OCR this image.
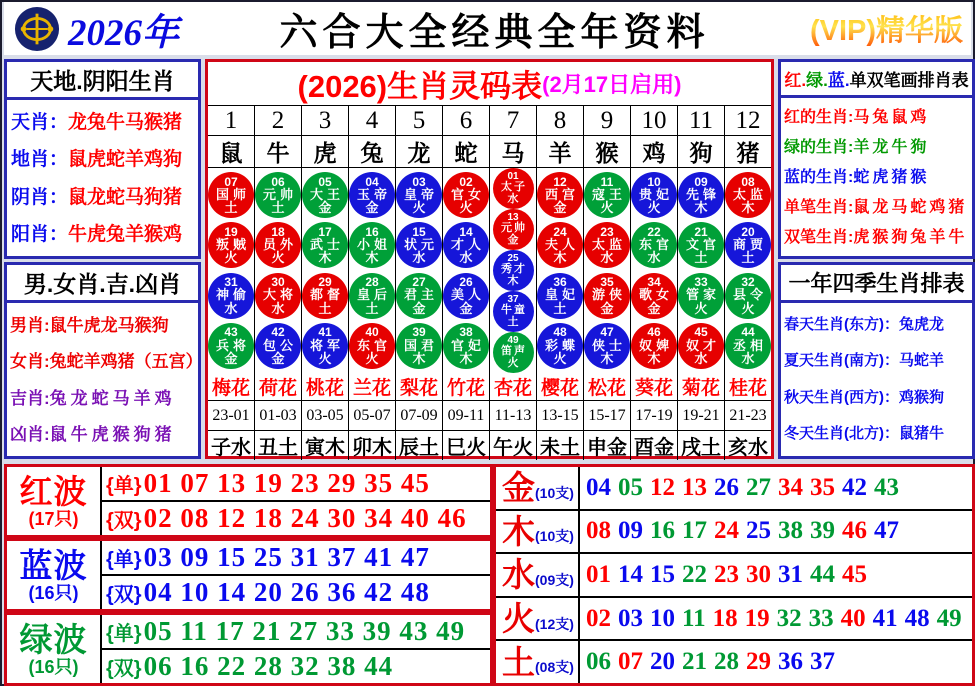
2026年	六合大全经典全年资料	(VIP)精华版
天地.阴阳生肖
天肖：龙兔牛马猴猪
地肖：鼠虎蛇羊鸡狗
阴肖：鼠龙蛇马狗猪
阳肖：牛虎兔羊猴鸡
男.女肖.吉.凶肖
男肖:鼠牛虎龙马猴狗
女肖:兔蛇羊鸡猪（五宫）
吉肖:兔龙蛇马羊鸡
凶肖:鼠牛虎猴狗猪
(2026)生肖灵码表 (2月17日启用)
1
鼠
07
国师
土
19
叛贼
火
31
神偷
水
43
兵将
金
梅花
23-01
子水
2
牛
06
元帅
土
18
员外
火
30
大将
水
42
包公
金
荷花
01-03
丑土
3
虎
05
大王
金
17
武士
木
29
都督
土
41
将军
火
桃花
03-05
寅木
4
兔
04
玉帝
金
16
小姐
木
28
皇后
土
40
东官
火
兰花
05-07
卯木
5
龙
03
皇帝
火
15
状元
水
27
君主
金
39
国君
木
梨花
07-09
辰土
6
蛇
02
官女
火
14
才人
水
26
美人
金
38
官妃
木
竹花
09-11
巳火
7
马
01
太子
水
13
元帅
金
25
秀才
木
37
牛童
土
49
笛声
火
杏花
11-13
午火
8
羊
12
西宫
金
24
夫人
木
36
皇妃
土
48
彩蝶
火
樱花
13-15
未土
9
猴
11
寇王
火
23
太监
水
35
游侠
金
47
侠士
木
松花
15-17
申金
10
鸡
10
贵妃
火
22
东官
水
34
歌女
金
46
奴婢
木
葵花
17-19
酉金
11
狗
09
先锋
木
21
文官
土
33
管家
火
45
奴才
水
菊花
19-21
戌土
12
猪
08
太监
木
20
商贾
土
32
县令
火
44
丞相
水
桂花
21-23
亥水
红. 绿. 蓝. 单双笔画排肖表
红的生肖:马兔鼠鸡
绿的生肖:羊龙牛狗
蓝的生肖:蛇虎猪猴
单笔生肖:鼠龙马蛇鸡猪
双笔生肖:虎猴狗兔羊牛
一年四季生肖排表
春天生肖(东方)：兔虎龙
夏天生肖(南方)：马蛇羊
秋天生肖(西方)：鸡猴狗
冬天生肖(北方)：鼠猪牛
红波
(17只)
{单} 01 07 13 19 23 29 35 45
{双} 02 08 12 18 24 30 34 40 46
蓝波
(16只)
{单} 03 09 15 25 31 37 41 47
{双} 04 10 14 20 26 36 42 48
绿波
(16只)
{单} 05 11 17 21 27 33 39 43 49
{双} 06 16 22 28 32 38 44
金 (10支) 04 05 12 13 26 27 34 35 42 43
木 (10支) 08 09 16 17 24 25 38 39 46 47
水 (09支) 01 14 15 22 23 30 31 44 45
火 (12支) 02 03 10 11 18 19 32 33 40 41 48 49
土 (08支) 06 07 20 21 28 29 36 37
